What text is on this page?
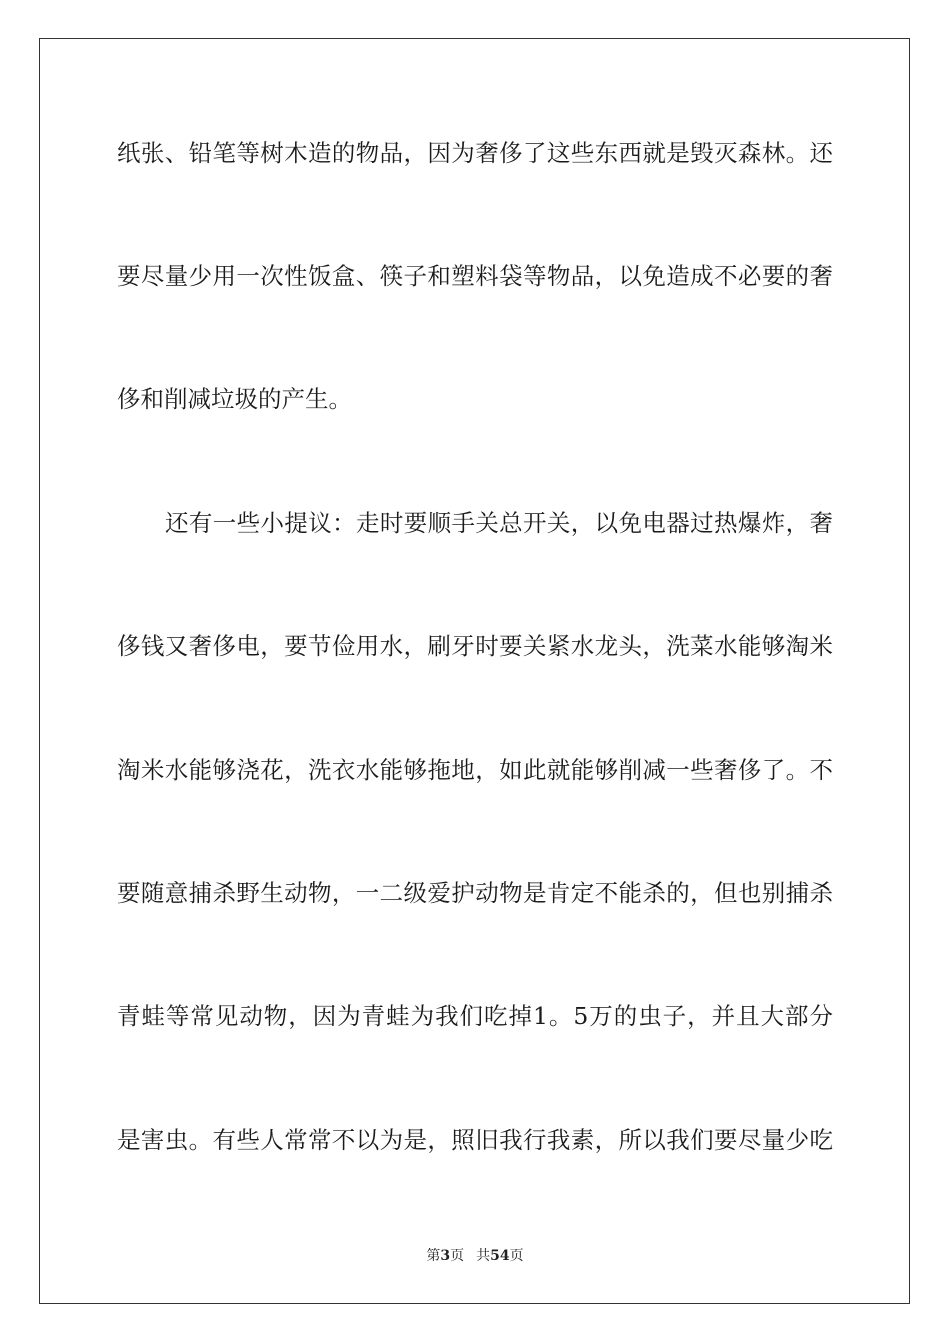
纸张、铅笔等树木造的物品，因为奢侈了这些东西就是毁灭森林。还
要尽量少用一次性饭盒、筷子和塑料袋等物品，以免造成不必要的奢
侈和削减垃圾的产生。
还有一些小提议：走时要顺手关总开关，以免电器过热爆炸，奢
侈钱又奢侈电，要节俭用水，刷牙时要关紧水龙头，洗菜水能够淘米
淘米水能够浇花，洗衣水能够拖地，如此就能够削减一些奢侈了。不
要随意捕杀野生动物，一二级爱护动物是肯定不能杀的，但也别捕杀
青蛙等常见动物，因为青蛙为我们吃掉1。5万的虫子，并且大部分
是害虫。有些人常常不以为是，照旧我行我素，所以我们要尽量少吃
第3页 共54页
